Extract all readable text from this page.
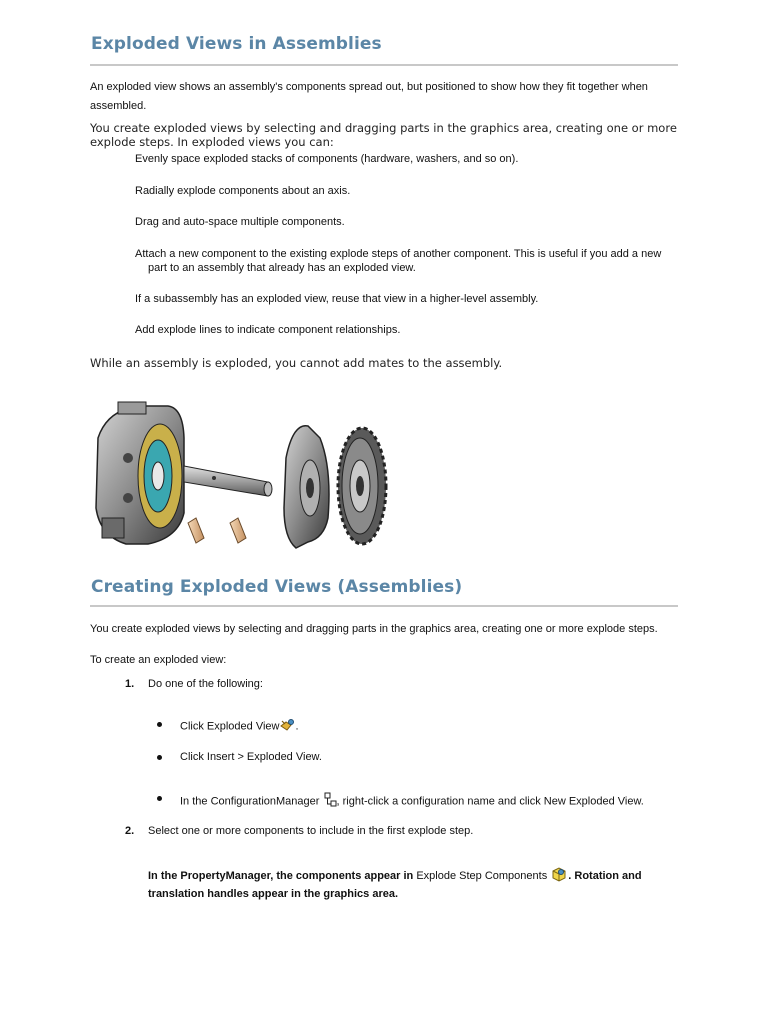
Exploded Views in Assemblies

An exploded view shows an assembly's components spread out, but positioned to show how they fit together when

assembled.

You create exploded views by selecting and dragging parts in the graphics area, creating one or more

explode steps. In exploded views you can:

Evenly space exploded stacks of components (hardware, washers, and so on).

Radially explode components about an axis.

Drag and auto-space multiple components.

Attach a new component to the existing explode steps of another component. This is useful if you add a new

part to an assembly that already has an exploded view.

If a subassembly has an exploded view, reuse that view in a higher-level assembly.

Add explode lines to indicate component relationships.

While an assembly is exploded, you cannot add mates to the assembly.

Creating Exploded Views (Assemblies)

You create exploded views by selecting and dragging parts in the graphics area, creating one or more explode steps.

To create an exploded view:

1. Do one of the following:
Click Exploded View .
Click Insert > Exploded View.
In the ConfigurationManager , right-click a configuration name and click New Exploded View.
2. Select one or more components to include in the first explode step.
In the PropertyManager, the components appear in Explode Step Components . Rotation and
translation handles appear in the graphics area.
